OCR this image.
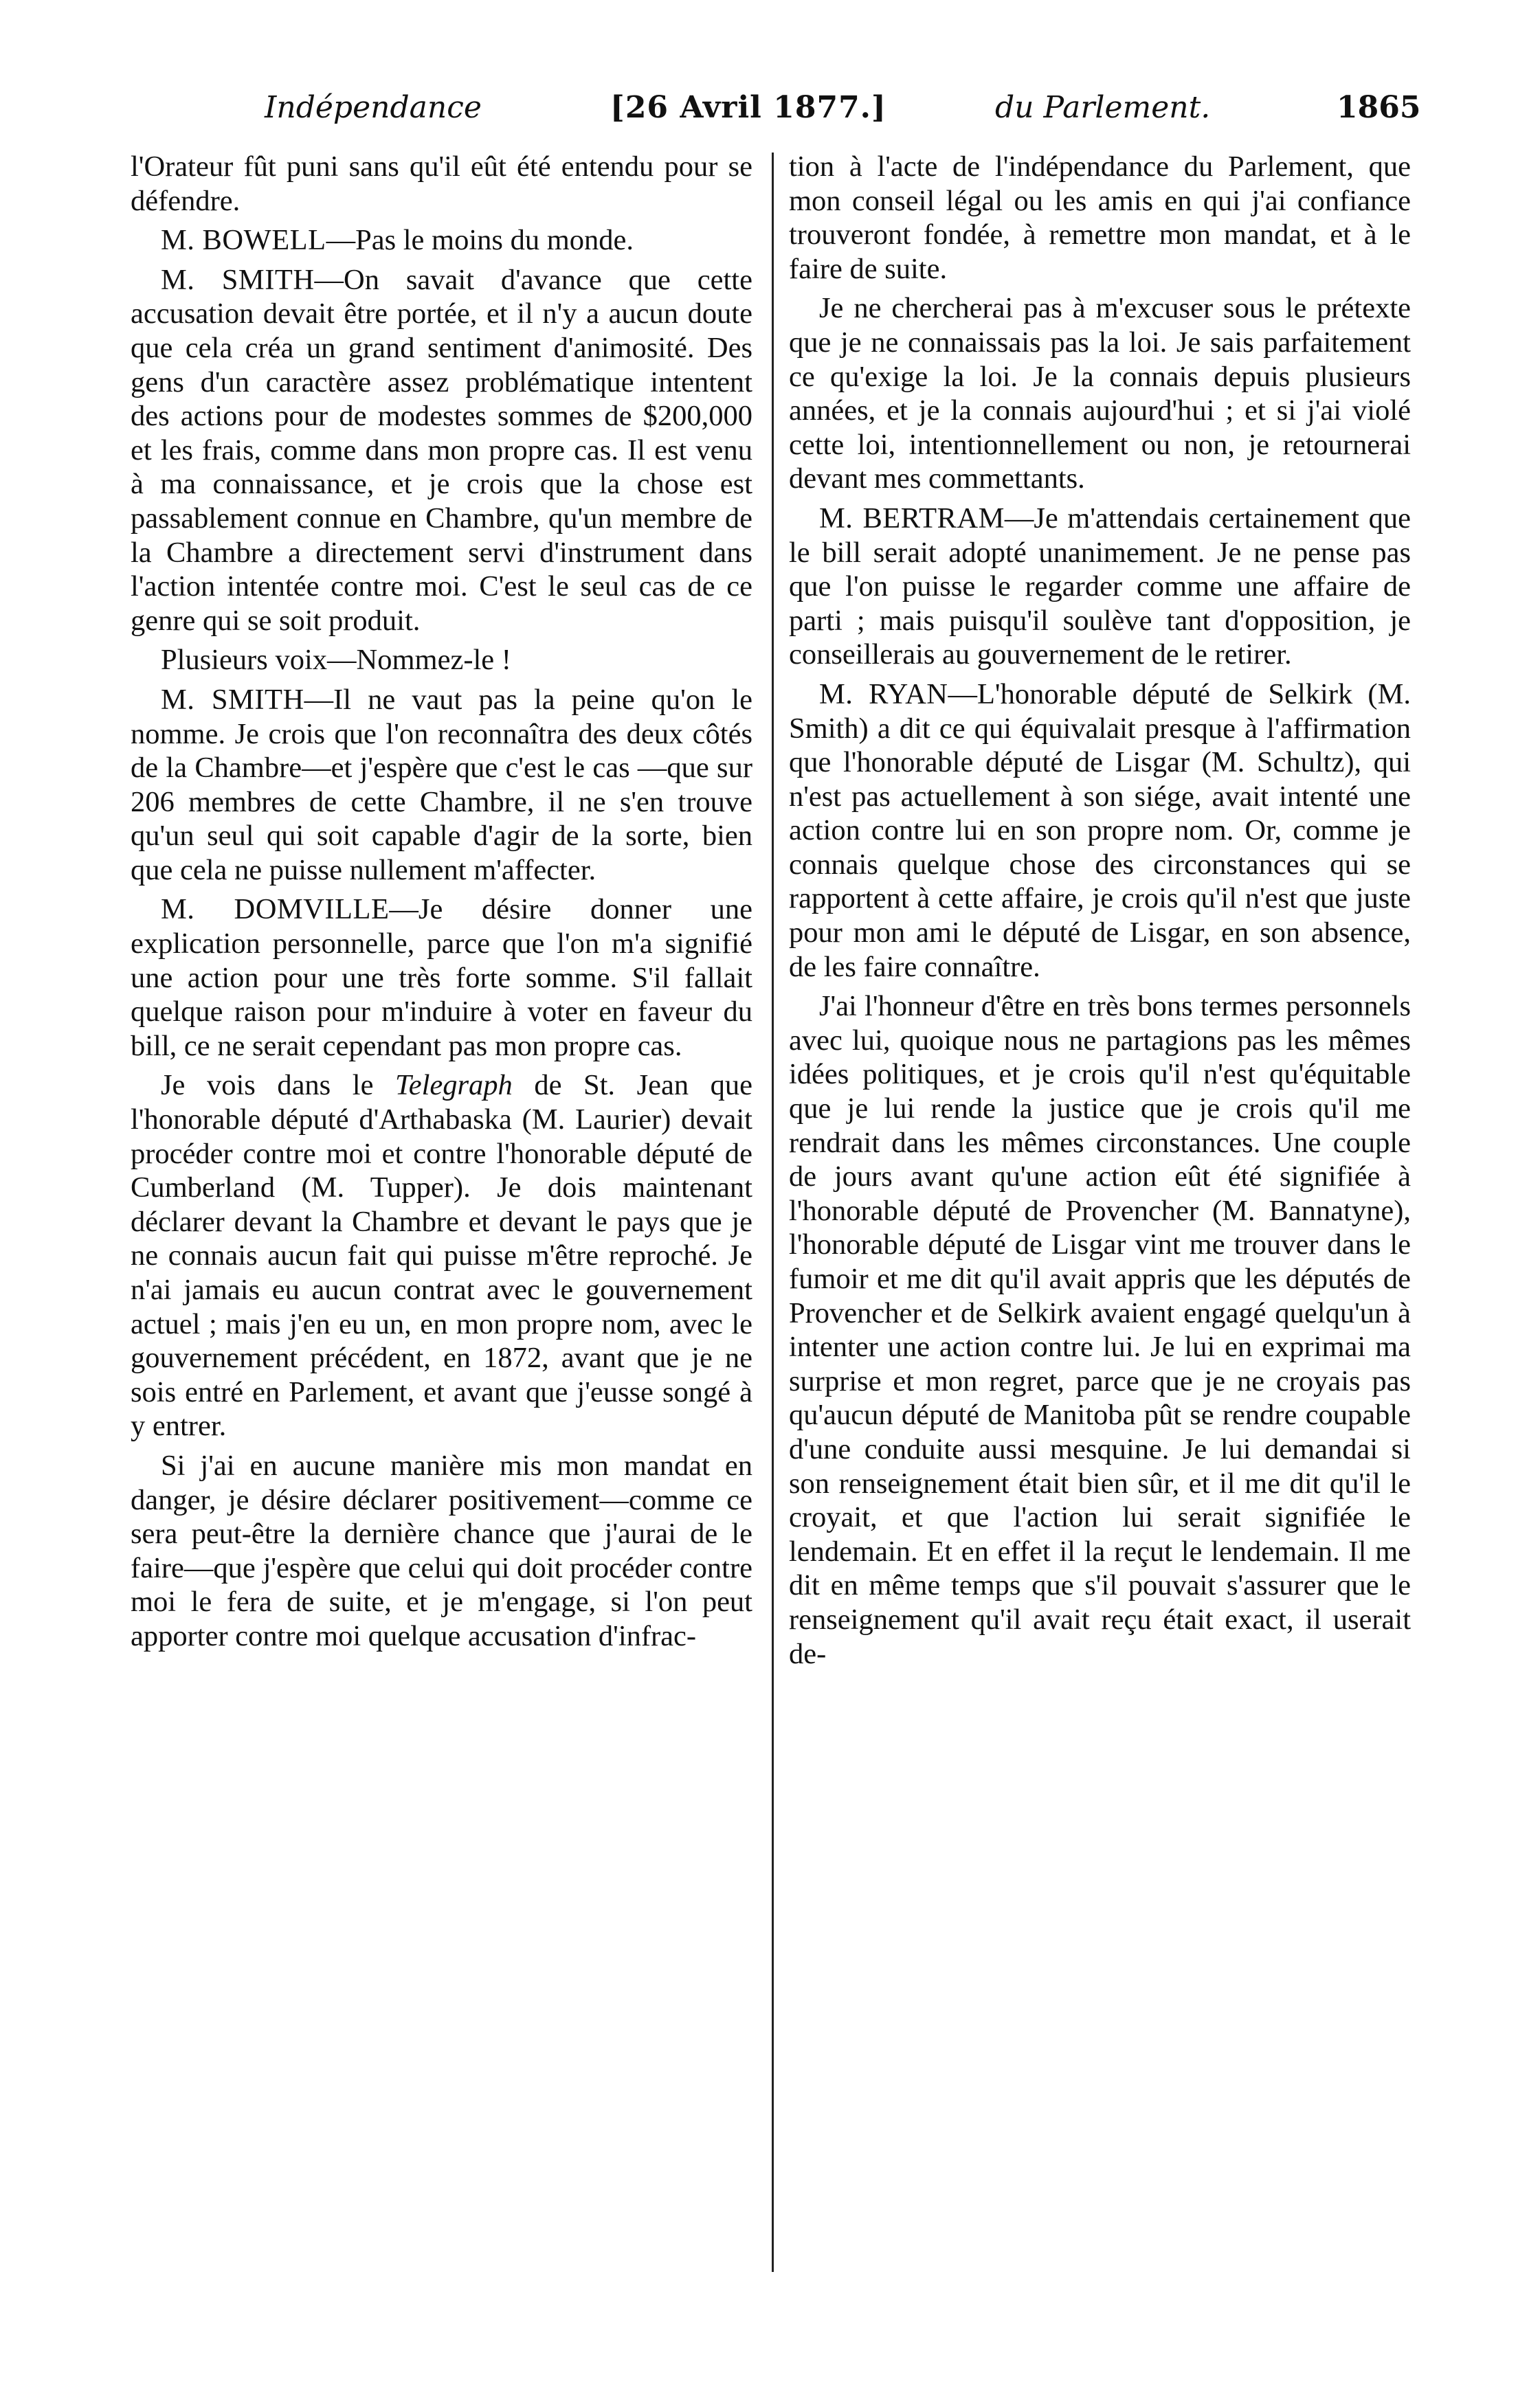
Indépendance	[26 Avril 1877.]	du Parlement.	1865

l'Orateur fût puni sans qu'il eût été entendu pour se défendre.

M. BOWELL—Pas le moins du monde.

M. SMITH—On savait d'avance que cette accusation devait être portée, et il n'y a aucun doute que cela créa un grand sentiment d'animosité. Des gens d'un caractère assez problématique intentent des actions pour de modestes sommes de $200,000 et les frais, comme dans mon propre cas. Il est venu à ma connaissance, et je crois que la chose est passablement connue en Chambre, qu'un membre de la Chambre a directement servi d'instrument dans l'action intentée contre moi. C'est le seul cas de ce genre qui se soit produit.

Plusieurs voix—Nommez-le !

M. SMITH—Il ne vaut pas la peine qu'on le nomme. Je crois que l'on reconnaîtra des deux côtés de la Chambre—et j'espère que c'est le cas —que sur 206 membres de cette Chambre, il ne s'en trouve qu'un seul qui soit capable d'agir de la sorte, bien que cela ne puisse nullement m'affecter.

M. DOMVILLE—Je désire donner une explication personnelle, parce que l'on m'a signifié une action pour une très forte somme. S'il fallait quelque raison pour m'induire à voter en faveur du bill, ce ne serait cependant pas mon propre cas.

Je vois dans le Telegraph de St. Jean que l'honorable député d'Arthabaska (M. Laurier) devait procéder contre moi et contre l'honorable député de Cumberland (M. Tupper). Je dois maintenant déclarer devant la Chambre et devant le pays que je ne connais aucun fait qui puisse m'être reproché. Je n'ai jamais eu aucun contrat avec le gouvernement actuel ; mais j'en eu un, en mon propre nom, avec le gouvernement précédent, en 1872, avant que je ne sois entré en Parlement, et avant que j'eusse songé à y entrer.

Si j'ai en aucune manière mis mon mandat en danger, je désire déclarer positivement—comme ce sera peut-être la dernière chance que j'aurai de le faire—que j'espère que celui qui doit procéder contre moi le fera de suite, et je m'engage, si l'on peut apporter contre moi quelque accusation d'infrac-

tion à l'acte de l'indépendance du Parlement, que mon conseil légal ou les amis en qui j'ai confiance trouveront fondée, à remettre mon mandat, et à le faire de suite.

Je ne chercherai pas à m'excuser sous le prétexte que je ne connaissais pas la loi. Je sais parfaitement ce qu'exige la loi. Je la connais depuis plusieurs années, et je la connais aujourd'hui ; et si j'ai violé cette loi, intentionnellement ou non, je retournerai devant mes commettants.

M. BERTRAM—Je m'attendais certainement que le bill serait adopté unanimement. Je ne pense pas que l'on puisse le regarder comme une affaire de parti ; mais puisqu'il soulève tant d'opposition, je conseillerais au gouvernement de le retirer.

M. RYAN—L'honorable député de Selkirk (M. Smith) a dit ce qui équivalait presque à l'affirmation que l'honorable député de Lisgar (M. Schultz), qui n'est pas actuellement à son siége, avait intenté une action contre lui en son propre nom. Or, comme je connais quelque chose des circonstances qui se rapportent à cette affaire, je crois qu'il n'est que juste pour mon ami le député de Lisgar, en son absence, de les faire connaître.

J'ai l'honneur d'être en très bons termes personnels avec lui, quoique nous ne partagions pas les mêmes idées politiques, et je crois qu'il n'est qu'équitable que je lui rende la justice que je crois qu'il me rendrait dans les mêmes circonstances. Une couple de jours avant qu'une action eût été signifiée à l'honorable député de Provencher (M. Bannatyne), l'honorable député de Lisgar vint me trouver dans le fumoir et me dit qu'il avait appris que les députés de Provencher et de Selkirk avaient engagé quelqu'un à intenter une action contre lui. Je lui en exprimai ma surprise et mon regret, parce que je ne croyais pas qu'aucun député de Manitoba pût se rendre coupable d'une conduite aussi mesquine. Je lui demandai si son renseignement était bien sûr, et il me dit qu'il le croyait, et que l'action lui serait signifiée le lendemain. Et en effet il la reçut le lendemain. Il me dit en même temps que s'il pouvait s'assurer que le renseignement qu'il avait reçu était exact, il userait de-
